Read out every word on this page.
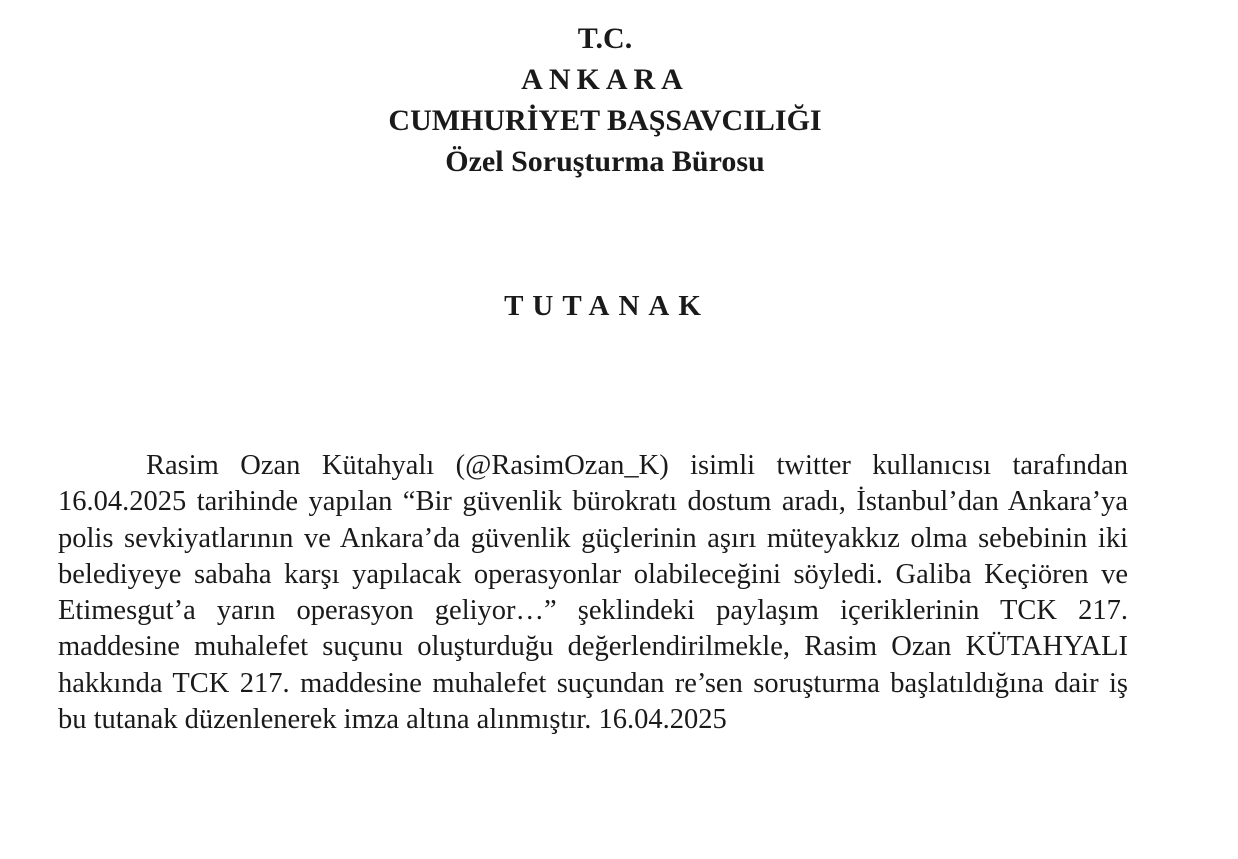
T.C.
ANKARA
CUMHURİYET BAŞSAVCILIĞI
Özel Soruşturma Bürosu
TUTANAK
Rasim Ozan Kütahyalı (@RasimOzan_K) isimli twitter kullanıcısı tarafından 16.04.2025 tarihinde yapılan “Bir güvenlik bürokratı dostum aradı, İstanbul’dan Ankara’ya polis sevkiyatlarının ve Ankara’da güvenlik güçlerinin aşırı müteyakkız olma sebebinin iki belediyeye sabaha karşı yapılacak operasyonlar olabileceğini söyledi. Galiba Keçiören ve Etimesgut’a yarın operasyon geliyor…” şeklindeki paylaşım içeriklerinin TCK 217. maddesine muhalefet suçunu oluşturduğu değerlendirilmekle, Rasim Ozan KÜTAHYALI hakkında TCK 217. maddesine muhalefet suçundan re’sen soruşturma başlatıldığına dair iş bu tutanak düzenlenerek imza altına alınmıştır. 16.04.2025
